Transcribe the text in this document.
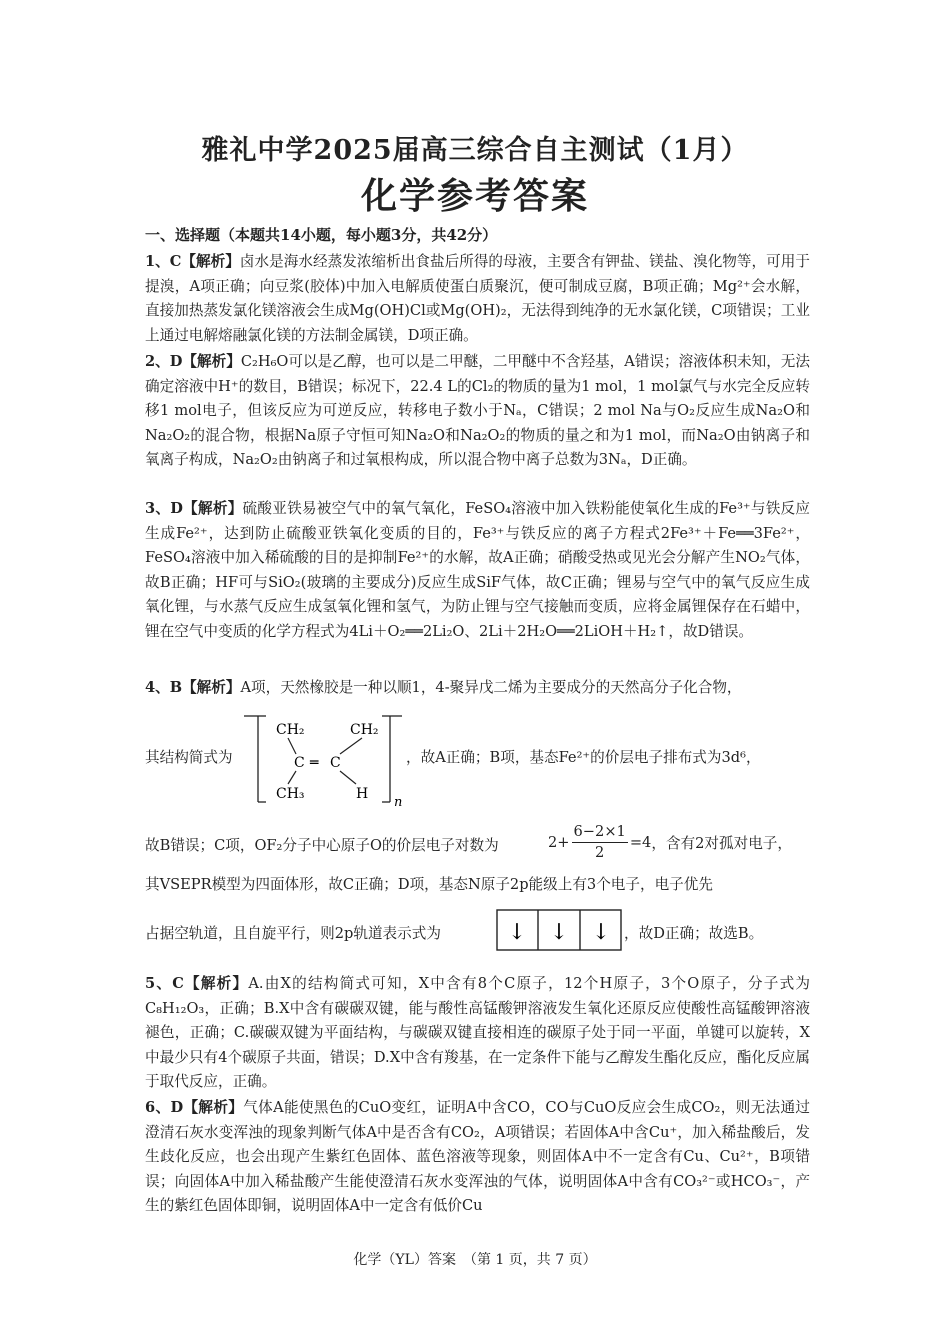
雅礼中学2025届高三综合自主测试（1月）
化学参考答案
一、选择题（本题共14小题，每小题3分，共42分）
1、C【解析】卤水是海水经蒸发浓缩析出食盐后所得的母液，主要含有钾盐、镁盐、溴化物等，可用于提溴，A项正确；向豆浆(胶体)中加入电解质使蛋白质聚沉，便可制成豆腐，B项正确；Mg²⁺会水解，直接加热蒸发氯化镁溶液会生成Mg(OH)Cl或Mg(OH)₂，无法得到纯净的无水氯化镁，C项错误；工业上通过电解熔融氯化镁的方法制金属镁，D项正确。
2、D【解析】C₂H₆O可以是乙醇，也可以是二甲醚，二甲醚中不含羟基，A错误；溶液体积未知，无法确定溶液中H⁺的数目，B错误；标况下，22.4 L的Cl₂的物质的量为1 mol，1 mol氯气与水完全反应转移1 mol电子，但该反应为可逆反应，转移电子数小于Nₐ，C错误；2 mol Na与O₂反应生成Na₂O和Na₂O₂的混合物，根据Na原子守恒可知Na₂O和Na₂O₂的物质的量之和为1 mol，而Na₂O由钠离子和氧离子构成，Na₂O₂由钠离子和过氧根构成，所以混合物中离子总数为3Nₐ，D正确。
3、D【解析】硫酸亚铁易被空气中的氧气氧化，FeSO₄溶液中加入铁粉能使氧化生成的Fe³⁺与铁反应生成Fe²⁺，达到防止硫酸亚铁氧化变质的目的，Fe³⁺与铁反应的离子方程式2Fe³⁺＋Fe══3Fe²⁺，FeSO₄溶液中加入稀硫酸的目的是抑制Fe²⁺的水解，故A正确；硝酸受热或见光会分解产生NO₂气体，故B正确；HF可与SiO₂(玻璃的主要成分)反应生成SiF气体，故C正确；锂易与空气中的氧气反应生成氧化锂，与水蒸气反应生成氢氧化锂和氢气，为防止锂与空气接触而变质，应将金属锂保存在石蜡中，锂在空气中变质的化学方程式为4Li＋O₂══2Li₂O、2Li＋2H₂O══2LiOH＋H₂↑，故D错误。
4、B【解析】A项，天然橡胶是一种以顺1，4-聚异戊二烯为主要成分的天然高分子化合物，
其结构简式为
CH₂	CH₂
C ═ C
CH₃	H
n
，故A正确；B项，基态Fe²⁺的价层电子排布式为3d⁶，
故B错误；C项，OF₂分子中心原子O的价层电子对数为	$2+ \frac{6-2\times 1}{2} =4$ ，含有2对孤对电子，
其VSEPR模型为四面体形，故C正确；D项，基态N原子2p能级上有3个电子，电子优先
占据空轨道，且自旋平行，则2p轨道表示式为	↓ ↓ ↓ ，故D正确；故选B。
5、C【解析】A.由X的结构简式可知，X中含有8个C原子，12个H原子，3个O原子，分子式为C₈H₁₂O₃，正确；B.X中含有碳碳双键，能与酸性高锰酸钾溶液发生氧化还原反应使酸性高锰酸钾溶液褪色，正确；C.碳碳双键为平面结构，与碳碳双键直接相连的碳原子处于同一平面，单键可以旋转，X中最少只有4个碳原子共面，错误；D.X中含有羧基，在一定条件下能与乙醇发生酯化反应，酯化反应属于取代反应，正确。
6、D【解析】气体A能使黑色的CuO变红，证明A中含CO，CO与CuO反应会生成CO₂，则无法通过澄清石灰水变浑浊的现象判断气体A中是否含有CO₂，A项错误；若固体A中含Cu⁺，加入稀盐酸后，发生歧化反应，也会出现产生紫红色固体、蓝色溶液等现象，则固体A中不一定含有Cu、Cu²⁺，B项错误；向固体A中加入稀盐酸产生能使澄清石灰水变浑浊的气体，说明固体A中含有CO₃²⁻或HCO₃⁻，产生的紫红色固体即铜，说明固体A中一定含有低价Cu
化学（YL）答案　（第 1 页，共 7 页）
